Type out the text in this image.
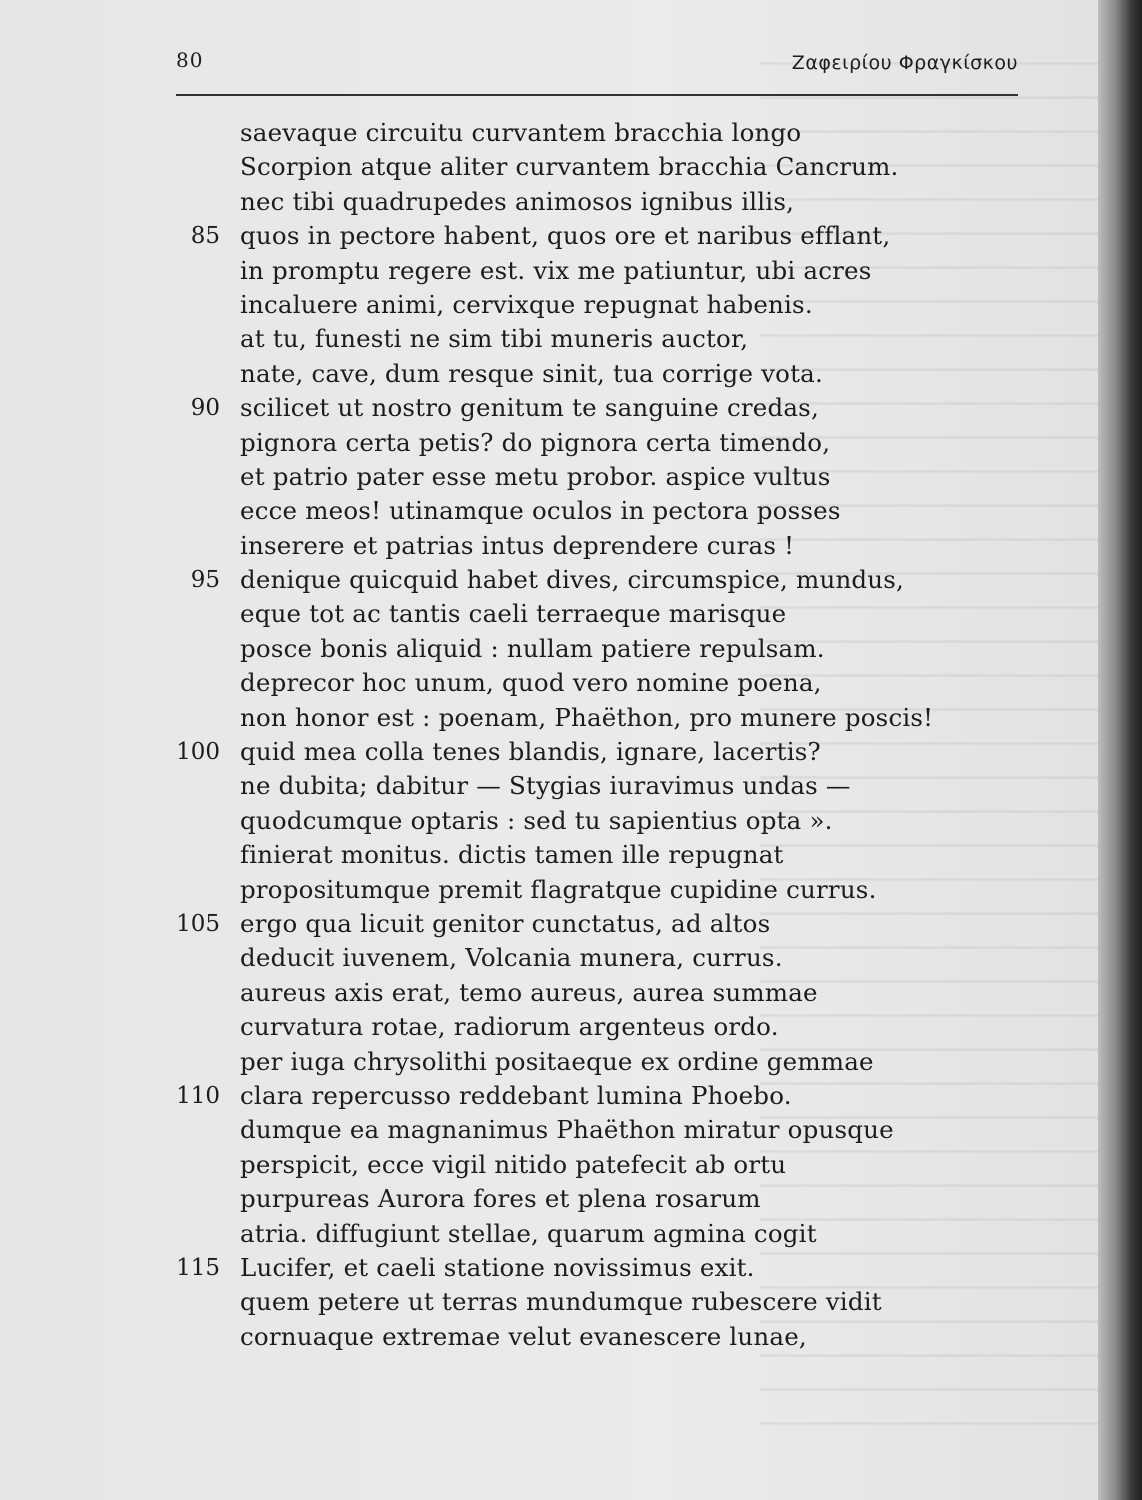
80	Ζαφειρίου Φραγκίσκου
saevaque circuitu curvantem bracchia longo
Scorpion atque aliter curvantem bracchia Cancrum.
nec tibi quadrupedes animosos ignibus illis,
85 quos in pectore habent, quos ore et naribus efflant,
in promptu regere est. vix me patiuntur, ubi acres
incaluere animi, cervixque repugnat habenis.
at tu, funesti ne sim tibi muneris auctor,
nate, cave, dum resque sinit, tua corrige vota.
90 scilicet ut nostro genitum te sanguine credas,
pignora certa petis? do pignora certa timendo,
et patrio pater esse metu probor. aspice vultus
ecce meos! utinamque oculos in pectora posses
inserere et patrias intus deprendere curas !
95 denique quicquid habet dives, circumspice, mundus,
eque tot ac tantis caeli terraeque marisque
posce bonis aliquid : nullam patiere repulsam.
deprecor hoc unum, quod vero nomine poena,
non honor est : poenam, Phaëthon, pro munere poscis!
100 quid mea colla tenes blandis, ignare, lacertis?
ne dubita; dabitur — Stygias iuravimus undas —
quodcumque optaris : sed tu sapientius opta ».
finierat monitus. dictis tamen ille repugnat
propositumque premit flagratque cupidine currus.
105 ergo qua licuit genitor cunctatus, ad altos
deducit iuvenem, Volcania munera, currus.
aureus axis erat, temo aureus, aurea summae
curvatura rotae, radiorum argenteus ordo.
per iuga chrysolithi positaeque ex ordine gemmae
110 clara repercusso reddebant lumina Phoebo.
dumque ea magnanimus Phaëthon miratur opusque
perspicit, ecce vigil nitido patefecit ab ortu
purpureas Aurora fores et plena rosarum
atria. diffugiunt stellae, quarum agmina cogit
115 Lucifer, et caeli statione novissimus exit.
quem petere ut terras mundumque rubescere vidit
cornuaque extremae velut evanescere lunae,
